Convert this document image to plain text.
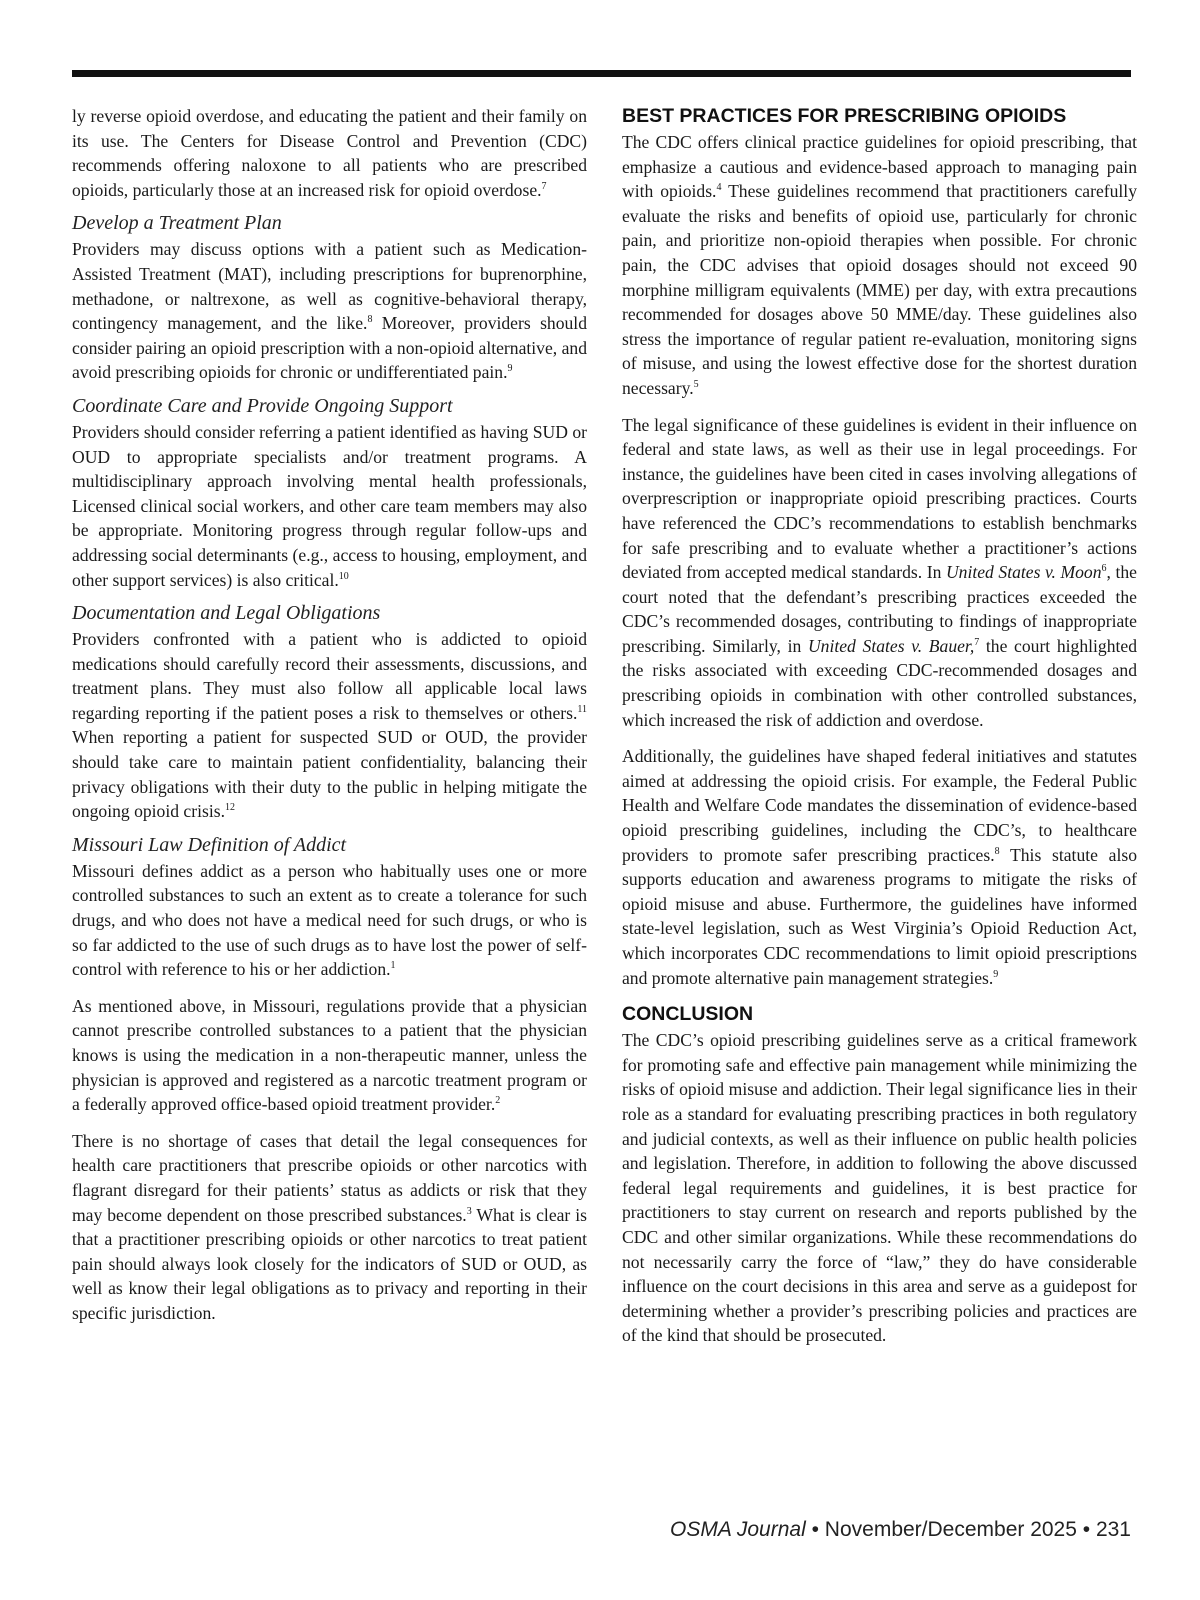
ly reverse opioid overdose, and educating the patient and their family on its use. The Centers for Disease Control and Prevention (CDC) recommends offering naloxone to all patients who are prescribed opioids, particularly those at an increased risk for opioid overdose.$^7$

Develop a Treatment Plan

Providers may discuss options with a patient such as Medication-Assisted Treatment (MAT), including prescriptions for buprenorphine, methadone, or naltrexone, as well as cognitive-behavioral therapy, contingency management, and the like.$^8$ Moreover, providers should consider pairing an opioid prescription with a non-opioid alternative, and avoid prescribing opioids for chronic or undifferentiated pain.$^9$

Coordinate Care and Provide Ongoing Support

Providers should consider referring a patient identified as having SUD or OUD to appropriate specialists and/or treatment programs. A multidisciplinary approach involving mental health professionals, Licensed clinical social workers, and other care team members may also be appropriate. Monitoring progress through regular follow-ups and addressing social determinants (e.g., access to housing, employment, and other support services) is also critical.$^{10}$

Documentation and Legal Obligations

Providers confronted with a patient who is addicted to opioid medications should carefully record their assessments, discussions, and treatment plans. They must also follow all applicable local laws regarding reporting if the patient poses a risk to themselves or others.$^{11}$ When reporting a patient for suspected SUD or OUD, the provider should take care to maintain patient confidentiality, balancing their privacy obligations with their duty to the public in helping mitigate the ongoing opioid crisis.$^{12}$

Missouri Law Definition of Addict

Missouri defines addict as a person who habitually uses one or more controlled substances to such an extent as to create a tolerance for such drugs, and who does not have a medical need for such drugs, or who is so far addicted to the use of such drugs as to have lost the power of self-control with reference to his or her addiction.$^1$

As mentioned above, in Missouri, regulations provide that a physician cannot prescribe controlled substances to a patient that the physician knows is using the medication in a non-therapeutic manner, unless the physician is approved and registered as a narcotic treatment program or a federally approved office-based opioid treatment provider.$^2$

There is no shortage of cases that detail the legal consequences for health care practitioners that prescribe opioids or other narcotics with flagrant disregard for their patients’ status as addicts or risk that they may become dependent on those prescribed substances.$^3$ What is clear is that a practitioner prescribing opioids or other narcotics to treat patient pain should always look closely for the indicators of SUD or OUD, as well as know their legal obligations as to privacy and reporting in their specific jurisdiction.

BEST PRACTICES FOR PRESCRIBING OPIOIDS

The CDC offers clinical practice guidelines for opioid prescribing, that emphasize a cautious and evidence-based approach to managing pain with opioids.$^4$ These guidelines recommend that practitioners carefully evaluate the risks and benefits of opioid use, particularly for chronic pain, and prioritize non-opioid therapies when possible. For chronic pain, the CDC advises that opioid dosages should not exceed 90 morphine milligram equivalents (MME) per day, with extra precautions recommended for dosages above 50 MME/day. These guidelines also stress the importance of regular patient re-evaluation, monitoring signs of misuse, and using the lowest effective dose for the shortest duration necessary.$^5$

The legal significance of these guidelines is evident in their influence on federal and state laws, as well as their use in legal proceedings. For instance, the guidelines have been cited in cases involving allegations of overprescription or inappropriate opioid prescribing practices. Courts have referenced the CDC’s recommendations to establish benchmarks for safe prescribing and to evaluate whether a practitioner’s actions deviated from accepted medical standards. In United States v. Moon$^6$, the court noted that the defendant’s prescribing practices exceeded the CDC’s recommended dosages, contributing to findings of inappropriate prescribing. Similarly, in United States v. Bauer,$^7$ the court highlighted the risks associated with exceeding CDC-recommended dosages and prescribing opioids in combination with other controlled substances, which increased the risk of addiction and overdose.

Additionally, the guidelines have shaped federal initiatives and statutes aimed at addressing the opioid crisis. For example, the Federal Public Health and Welfare Code mandates the dissemination of evidence-based opioid prescribing guidelines, including the CDC’s, to healthcare providers to promote safer prescribing practices.$^8$ This statute also supports education and awareness programs to mitigate the risks of opioid misuse and abuse. Furthermore, the guidelines have informed state-level legislation, such as West Virginia’s Opioid Reduction Act, which incorporates CDC recommendations to limit opioid prescriptions and promote alternative pain management strategies.$^9$

CONCLUSION

The CDC’s opioid prescribing guidelines serve as a critical framework for promoting safe and effective pain management while minimizing the risks of opioid misuse and addiction. Their legal significance lies in their role as a standard for evaluating prescribing practices in both regulatory and judicial contexts, as well as their influence on public health policies and legislation. Therefore, in addition to following the above discussed federal legal requirements and guidelines, it is best practice for practitioners to stay current on research and reports published by the CDC and other similar organizations. While these recommendations do not necessarily carry the force of “law,” they do have considerable influence on the court decisions in this area and serve as a guidepost for determining whether a provider’s prescribing policies and practices are of the kind that should be prosecuted.

OSMA Journal • November/December 2025 • 231
